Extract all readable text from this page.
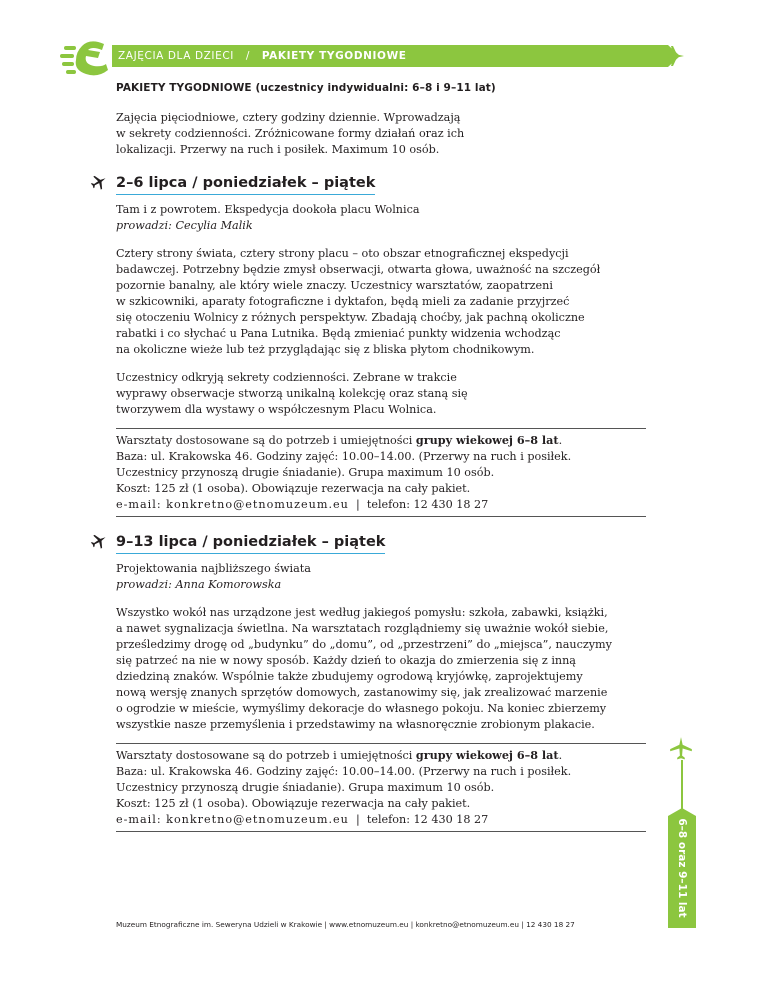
ZAJĘCIA DLA DZIECI / PAKIETY TYGODNIOWE
PAKIETY TYGODNIOWE (uczestnicy indywidualni: 6–8 i 9–11 lat)

Zajęcia pięciodniowe, cztery godziny dziennie. Wprowadzają

w sekrety codzienności. Zróżnicowane formy działań oraz ich

lokalizacji. Przerwy na ruch i posiłek. Maximum 10 osób.

2–6 lipca / poniedziałek – piątek

Tam i z powrotem. Ekspedycja dookoła placu Wolnica

prowadzi: Cecylia Malik

Cztery strony świata, cztery strony placu – oto obszar etnograficznej ekspedycji

badawczej. Potrzebny będzie zmysł obserwacji, otwarta głowa, uważność na szczegół

pozornie banalny, ale który wiele znaczy. Uczestnicy warsztatów, zaopatrzeni

w szkicowniki, aparaty fotograficzne i dyktafon, będą mieli za zadanie przyjrzeć

się otoczeniu Wolnicy z różnych perspektyw. Zbadają choćby, jak pachną okoliczne

rabatki i co słychać u Pana Lutnika. Będą zmieniać punkty widzenia wchodząc

na okoliczne wieże lub też przyglądając się z bliska płytom chodnikowym.

Uczestnicy odkryją sekrety codzienności. Zebrane w trakcie

wyprawy obserwacje stworzą unikalną kolekcję oraz staną się

tworzywem dla wystawy o współczesnym Placu Wolnica.

Warsztaty dostosowane są do potrzeb i umiejętności grupy wiekowej 6–8 lat.

Baza: ul. Krakowska 46. Godziny zajęć: 10.00–14.00. (Przerwy na ruch i posiłek.

Uczestnicy przynoszą drugie śniadanie). Grupa maximum 10 osób.

Koszt: 125 zł (1 osoba). Obowiązuje rezerwacja na cały pakiet.

e-mail: konkretno@etnomuzeum.eu  |  telefon: 12 430 18 27

9–13 lipca / poniedziałek – piątek

Projektowania najbliższego świata

prowadzi: Anna Komorowska

Wszystko wokół nas urządzone jest według jakiegoś pomysłu: szkoła, zabawki, książki,

a nawet sygnalizacja świetlna. Na warsztatach rozglądniemy się uważnie wokół siebie,

prześledzimy drogę od „budynku” do „domu”, od „przestrzeni” do „miejsca”, nauczymy

się patrzeć na nie w nowy sposób. Każdy dzień to okazja do zmierzenia się z inną

dziedziną znaków. Wspólnie także zbudujemy ogrodową kryjówkę, zaprojektujemy

nową wersję znanych sprzętów domowych, zastanowimy się, jak zrealizować marzenie

o ogrodzie w mieście, wymyślimy dekoracje do własnego pokoju. Na koniec zbierzemy

wszystkie nasze przemyślenia i przedstawimy na własnoręcznie zrobionym plakacie.

Warsztaty dostosowane są do potrzeb i umiejętności grupy wiekowej 6–8 lat.

Baza: ul. Krakowska 46. Godziny zajęć: 10.00–14.00. (Przerwy na ruch i posiłek.

Uczestnicy przynoszą drugie śniadanie). Grupa maximum 10 osób.

Koszt: 125 zł (1 osoba). Obowiązuje rezerwacja na cały pakiet.

e-mail: konkretno@etnomuzeum.eu  |  telefon: 12 430 18 27	6–8 oraz 9–11 lat
Muzeum Etnograficzne im. Seweryna Udzieli w Krakowie | www.etnomuzeum.eu | konkretno@etnomuzeum.eu | 12 430 18 27
